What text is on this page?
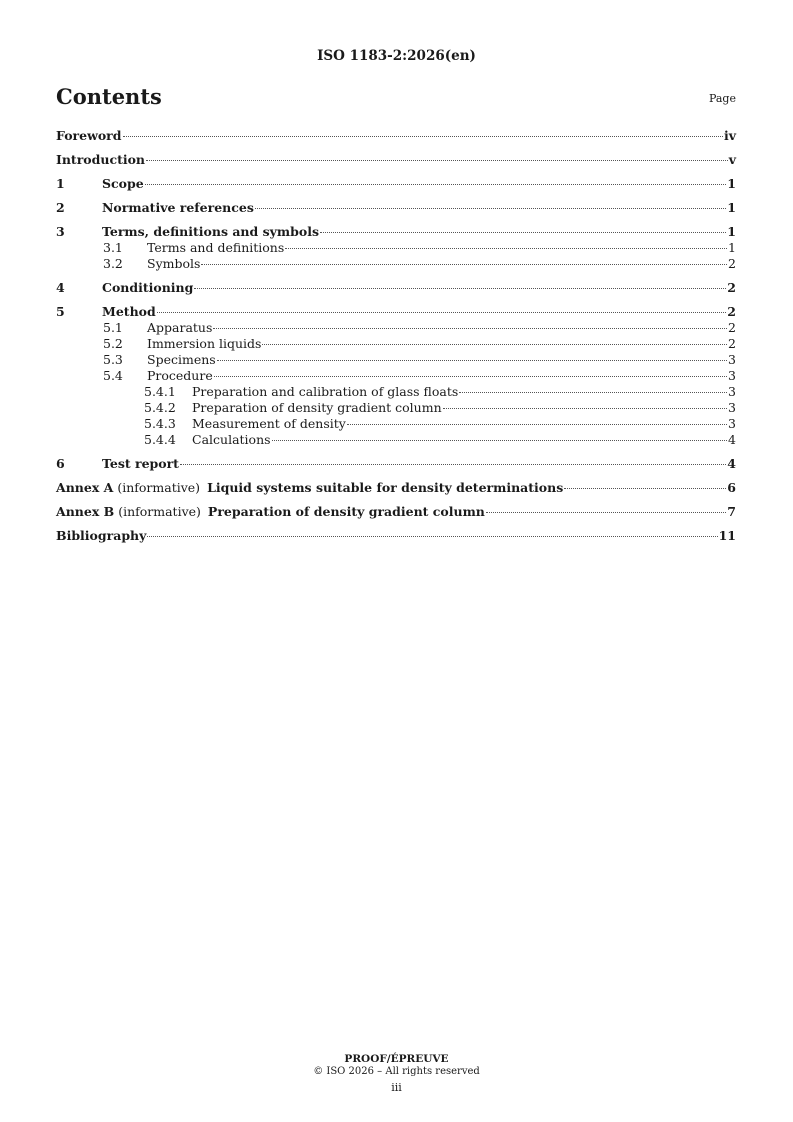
ISO 1183-2:2026(en)
Contents	Page
Foreword	iv
Introduction	v
1	Scope	1
2	Normative references	1
3	Terms, definitions and symbols	1
3.1	Terms and definitions	1
3.2	Symbols	2
4	Conditioning	2
5	Method	2
5.1	Apparatus	2
5.2	Immersion liquids	2
5.3	Specimens	3
5.4	Procedure	3
5.4.1	Preparation and calibration of glass floats	3
5.4.2	Preparation of density gradient column	3
5.4.3	Measurement of density	3
5.4.4	Calculations	4
6	Test report	4
Annex A (informative) Liquid systems suitable for density determinations	6
Annex B (informative) Preparation of density gradient column	7
Bibliography	11
PROOF/ÉPREUVE
© ISO 2026 – All rights reserved
iii
